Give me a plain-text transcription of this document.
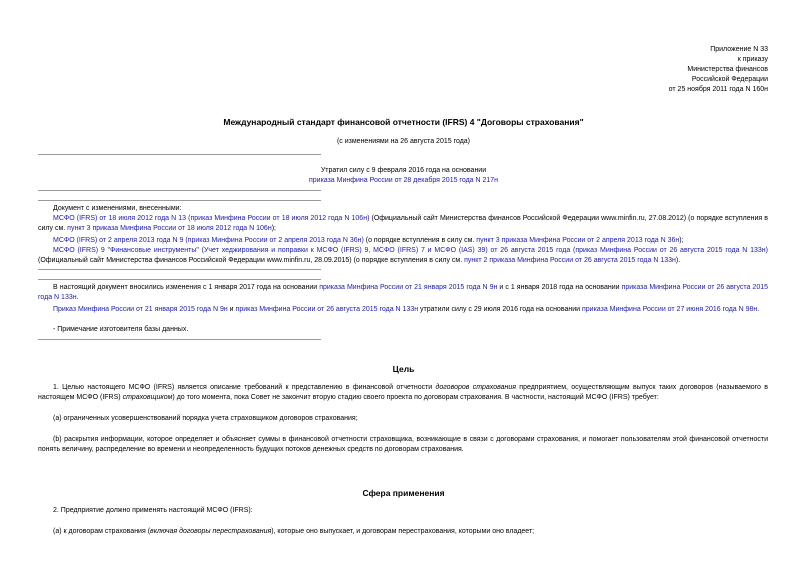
Приложение N 33
к приказу
Министерства финансов
Российской Федерации
от 25 ноября 2011 года N 160н
Международный стандарт финансовой отчетности (IFRS) 4 "Договоры страхования"
(с изменениями на 26 августа 2015 года)
Утратил силу с 9 февраля 2016 года на основании
приказа Минфина России от 28 декабря 2015 года N 217н
Документ с изменениями, внесенными:
МСФО (IFRS) от 18 июля 2012 года N 13 (приказ Минфина России от 18 июля 2012 года N 106н) (Официальный сайт Министерства финансов Российской Федерации www.minfin.ru, 27.08.2012) (о порядке вступления в силу см. пункт 3 приказа Минфина России от 18 июля 2012 года N 106н);
МСФО (IFRS) от 2 апреля 2013 года N 9 (приказ Минфина России от 2 апреля 2013 года N 36н) (о порядке вступления в силу см. пункт 3 приказа Минфина России от 2 апреля 2013 года N 36н);
МСФО (IFRS) 9 "Финансовые инструменты" (Учет хеджирования и поправки к МСФО (IFRS) 9, МСФО (IFRS) 7 и МСФО (IAS) 39) от 26 августа 2015 года (приказ Минфина России от 26 августа 2015 года N 133н) (Официальный сайт Министерства финансов Российской Федерации www.minfin.ru, 28.09.2015) (о порядке вступления в силу см. пункт 2 приказа Минфина России от 26 августа 2015 года N 133н).
В настоящий документ вносились изменения с 1 января 2017 года на основании приказа Минфина России от 21 января 2015 года N 9н и с 1 января 2018 года на основании приказа Минфина России от 26 августа 2015 года N 133н.
Приказ Минфина России от 21 января 2015 года N 9н и приказ Минфина России от 26 августа 2015 года N 133н утратили силу с 29 июля 2016 года на основании приказа Минфина России от 27 июня 2016 года N 98н.
- Примечание изготовителя базы данных.
Цель
1. Целью настоящего МСФО (IFRS) является описание требований к представлению в финансовой отчетности договоров страхования предприятием, осуществляющим выпуск таких договоров (называемого в настоящем МСФО (IFRS) страховщиком) до того момента, пока Совет не закончит вторую стадию своего проекта по договорам страхования. В частности, настоящий МСФО (IFRS) требует:
(а) ограниченных усовершенствований порядка учета страховщиком договоров страхования;
(b) раскрытия информации, которое определяет и объясняет суммы в финансовой отчетности страховщика, возникающие в связи с договорами страхования, и помогает пользователям этой финансовой отчетности понять величину, распределение во времени и неопределенность будущих потоков денежных средств по договорам страхования.
Сфера применения
2. Предприятие должно применять настоящий МСФО (IFRS):
(а) к договорам страхования (включая договоры перестрахования), которые оно выпускает, и договорам перестрахования, которыми оно владеет;
